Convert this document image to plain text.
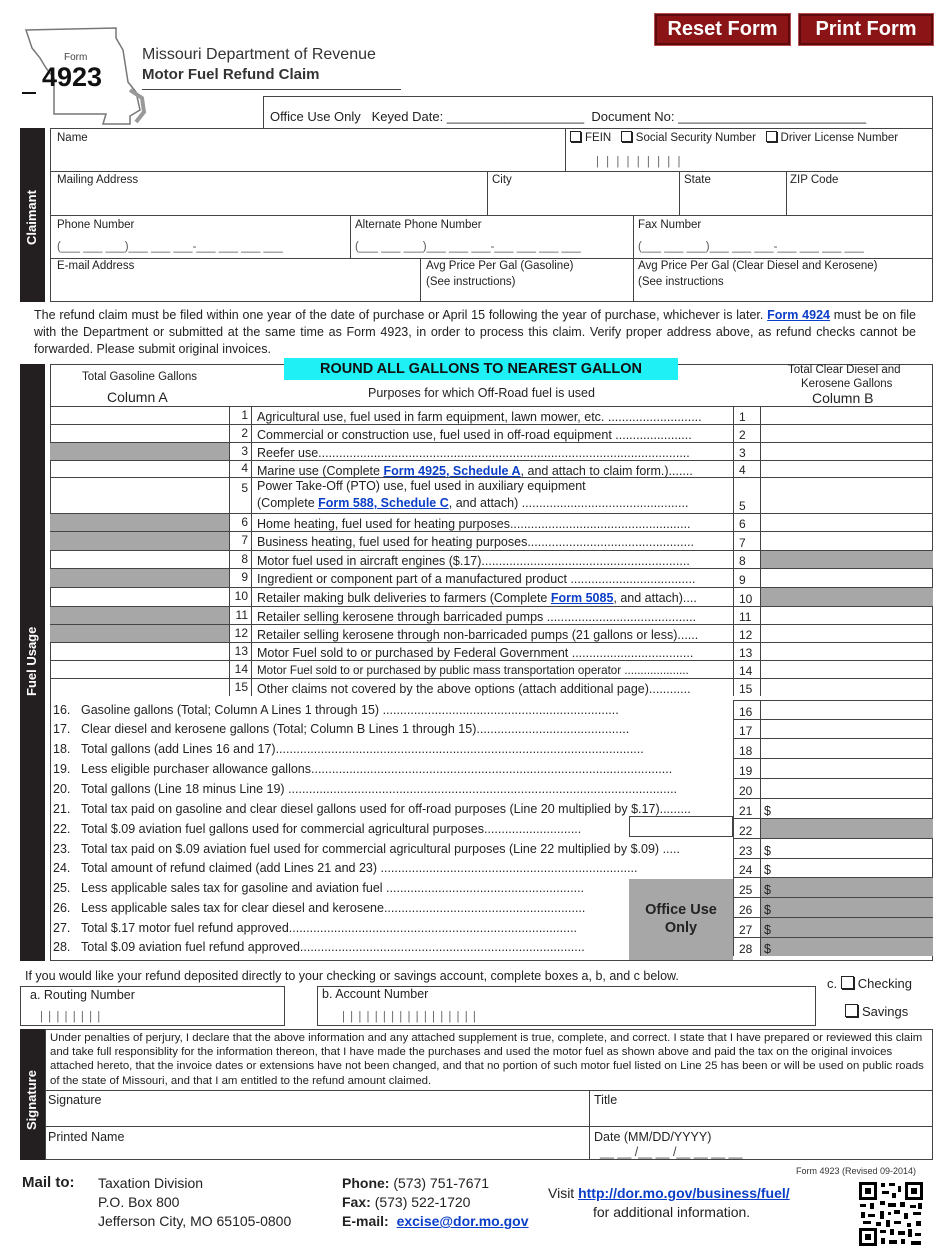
Reset Form	Print Form
Form
4923
Missouri Department of Revenue
Motor Fuel Refund Claim
Office Use Only Keyed Date: ___________________ Document No: __________________________
Claimant
Name	FEIN Social Security Number Driver License Number
| | | | | | | | |
Mailing Address	City	State	ZIP Code
Phone Number
(___ ___ ___)___ ___ ___-___ ___ ___ ___
Alternate Phone Number
(___ ___ ___)___ ___ ___-___ ___ ___ ___
Fax Number
(___ ___ ___)___ ___ ___-___ ___ ___ ___
E-mail Address	Avg Price Per Gal (Gasoline)
(See instructions)
Avg Price Per Gal (Clear Diesel and Kerosene)
(See instructions
The refund claim must be filed within one year of the date of purchase or April 15 following the year of purchase, whichever is later. Form 4924 must be on file with the Department or submitted at the same time as Form 4923, in order to process this claim. Verify proper address above, as refund checks cannot be forwarded. Please submit original invoices.
Fuel Usage
ROUND ALL GALLONS TO NEAREST GALLON
Total Gasoline Gallons
Column A
Total Clear Diesel and
Kerosene Gallons
Column B
Purposes for which Off-Road fuel is used
1 Agricultural use, fuel used in farm equipment, lawn mower, etc. ...........................	1
2 Commercial or construction use, fuel used in off-road equipment ......................	2
3 Reefer use...........................................................................................................	3
4 Marine use (Complete Form 4925, Schedule A, and attach to claim form.).......	4
5 Power Take-Off (PTO) use, fuel used in auxiliary equipment
(Complete Form 588, Schedule C, and attach) ................................................	5
6 Home heating, fuel used for heating purposes....................................................	6
7 Business heating, fuel used for heating purposes................................................	7
8 Motor fuel used in aircraft engines ($.17)............................................................	8
9 Ingredient or component part of a manufactured product ....................................	9
10 Retailer making bulk deliveries to farmers (Complete Form 5085, and attach)....	10
11 Retailer selling kerosene through barricaded pumps ...........................................	11
12 Retailer selling kerosene through non-barricaded pumps (21 gallons or less)......	12
13 Motor Fuel sold to or purchased by Federal Government ...................................	13
14 Motor Fuel sold to or purchased by public mass transportation operator ....................	14
15 Other claims not covered by the above options (attach additional page)............	15
16. Gasoline gallons (Total; Column A Lines 1 through 15) ....................................................................	16
17. Clear diesel and kerosene gallons (Total; Column B Lines 1 through 15)............................................	17
18. Total gallons (add Lines 16 and 17)..........................................................................................................	18
19. Less eligible purchaser allowance gallons........................................................................................................	19
20. Total gallons (Line 18 minus Line 19) ................................................................................................................	20
21. Total tax paid on gasoline and clear diesel gallons used for off-road purposes (Line 20 multiplied by $.17).........	21 $
22. Total $.09 aviation fuel gallons used for commercial agricultural purposes............................	22
23. Total tax paid on $.09 aviation fuel used for commercial agricultural purposes (Line 22 multiplied by $.09) .....	23 $
24. Total amount of refund claimed (add Lines 21 and 23) ..........................................................................	24 $
25. Less applicable sales tax for gasoline and aviation fuel .........................................................	25 $
26. Less applicable sales tax for clear diesel and kerosene..........................................................	26 $
27. Total $.17 motor fuel refund approved...................................................................................	27 $
28. Total $.09 aviation fuel refund approved..................................................................................	28 $
Office Use Only
If you would like your refund deposited directly to your checking or savings account, complete boxes a, b, and c below.
a. Routing Number
| | | | | | | |
b. Account Number
| | | | | | | | | | | | | | | | |
c. Checking
Savings
Signature
Under penalties of perjury, I declare that the above information and any attached supplement is true, complete, and correct. I state that I have prepared or reviewed this claim and take full responsiblity for the information thereon, that I have made the purchases and used the motor fuel as shown above and paid the tax on the original invoices attached hereto, that the invoice dates or extensions have not been changed, and that no portion of such motor fuel listed on Line 25 has been or will be used on public roads of the state of Missouri, and that I am entitled to the refund amount claimed.
Signature	Title
Printed Name	Date (MM/DD/YYYY)
__ __ /__ __ /__ __ __ __
Mail to: Taxation Division
P.O. Box 800
Jefferson City, MO 65105-0800
Phone: (573) 751-7671
Fax: (573) 522-1720
E-mail: excise@dor.mo.gov
Visit http://dor.mo.gov/business/fuel/
for additional information.
Form 4923 (Revised 09-2014)
